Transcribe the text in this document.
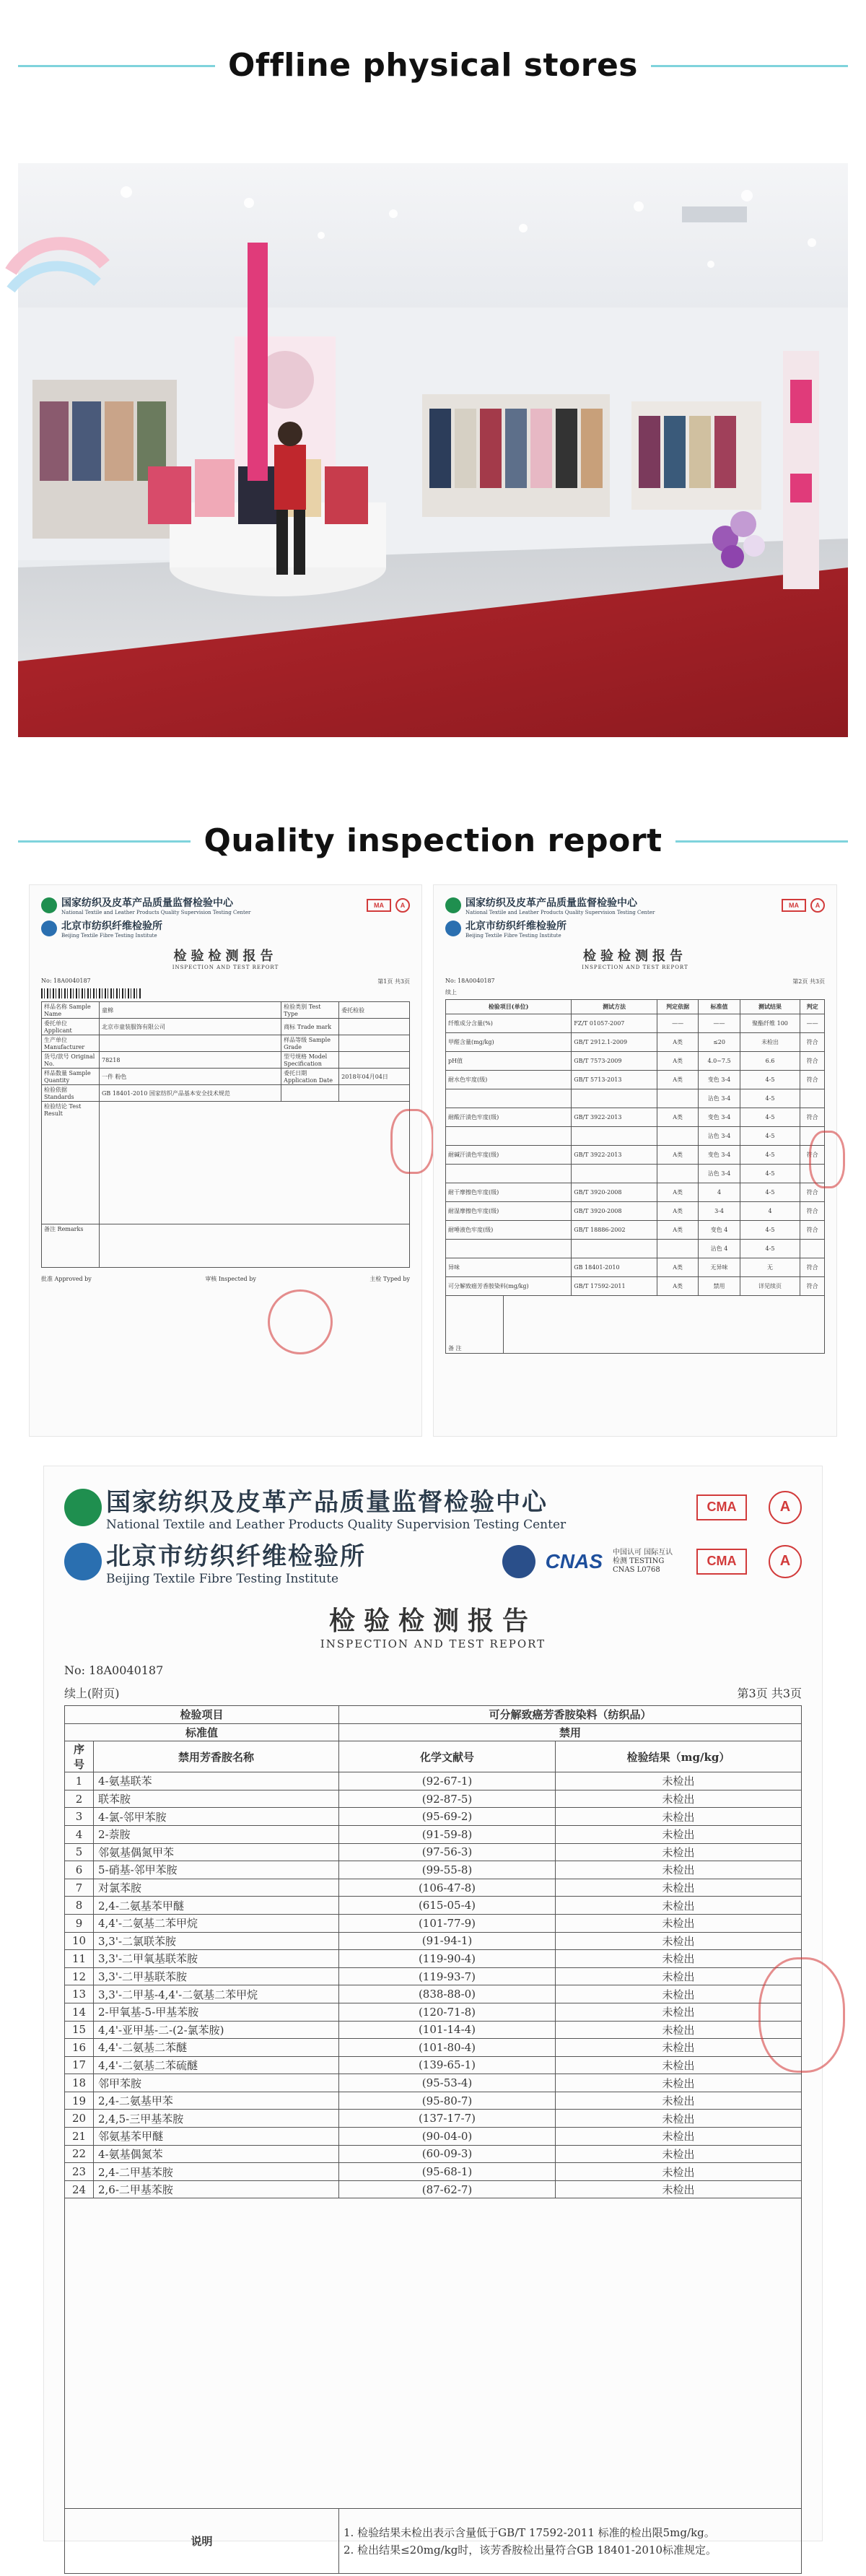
Offline physical stores
Quality inspection report
国家纺织及皮革产品质量监督检验中心
National Textile and Leather Products Quality Supervision Testing Center
MA	A
北京市纺织纤维检验所
Beijing Textile Fibre Testing Institute
检验检测报告
INSPECTION AND TEST REPORT
No: 18A0040187	第1页 共3页
样品名称 Sample Name	童棉	检验类别 Test Type	委托检验
委托单位 Applicant	北京市童装服饰有限公司	商标 Trade mark	
生产单位 Manufacturer		样品等级 Sample Grade	
货号/款号 Original No.	78218	型号规格 Model Specification	
样品数量 Sample Quantity	一件 粉色	委托日期 Application Date	2018年04月04日
检验依据 Standards	GB 18401-2010 国家纺织产品基本安全技术规范		
检验结论 Test Result	
备注 Remarks	
批准 Approved by	审核 Inspected by	主检 Typed by
国家纺织及皮革产品质量监督检验中心
National Textile and Leather Products Quality Supervision Testing Center
MA	A
北京市纺织纤维检验所
Beijing Textile Fibre Testing Institute
检验检测报告
INSPECTION AND TEST REPORT
No: 18A0040187	第2页 共3页
续上
检验项目(单位)	测试方法	判定依据	标准值	测试结果	判定
纤维成分含量(%)	FZ/T 01057-2007	——	——	聚酯纤维 100	——
甲醛含量(mg/kg)	GB/T 2912.1-2009	A类	≤20	未检出	符合
pH值	GB/T 7573-2009	A类	4.0~7.5	6.6	符合
耐水色牢度(级)	GB/T 5713-2013	A类	变色 3-4	4-5	符合
			沾色 3-4	4-5	
耐酸汗渍色牢度(级)	GB/T 3922-2013	A类	变色 3-4	4-5	符合
			沾色 3-4	4-5	
耐碱汗渍色牢度(级)	GB/T 3922-2013	A类	变色 3-4	4-5	符合
			沾色 3-4	4-5	
耐干摩擦色牢度(级)	GB/T 3920-2008	A类	4	4-5	符合
耐湿摩擦色牢度(级)	GB/T 3920-2008	A类	3-4	4	符合
耐唾液色牢度(级)	GB/T 18886-2002	A类	变色 4	4-5	符合
			沾色 4	4-5	
异味	GB 18401-2010	A类	无异味	无	符合
可分解致癌芳香胺染料(mg/kg)	GB/T 17592-2011	A类	禁用	详见续页	符合
备 注	
国家纺织及皮革产品质量监督检验中心
National Textile and Leather Products Quality Supervision Testing Center
CMA	A
北京市纺织纤维检验所
Beijing Textile Fibre Testing Institute
CNAS 中国认可 国际互认 检测 TESTING CNAS L0768
CMA	A
检验检测报告
INSPECTION AND TEST REPORT
No: 18A0040187
续上(附页)	第3页 共3页
检验项目		可分解致癌芳香胺染料（纺织品）	
标准值		禁用	
序号	禁用芳香胺名称	化学文献号	检验结果（mg/kg）
1	4-氨基联苯	(92-67-1)	未检出
2	联苯胺	(92-87-5)	未检出
3	4-氯-邻甲苯胺	(95-69-2)	未检出
4	2-萘胺	(91-59-8)	未检出
5	邻氨基偶氮甲苯	(97-56-3)	未检出
6	5-硝基-邻甲苯胺	(99-55-8)	未检出
7	对氯苯胺	(106-47-8)	未检出
8	2,4-二氨基苯甲醚	(615-05-4)	未检出
9	4,4'-二氨基二苯甲烷	(101-77-9)	未检出
10	3,3'-二氯联苯胺	(91-94-1)	未检出
11	3,3'-二甲氧基联苯胺	(119-90-4)	未检出
12	3,3'-二甲基联苯胺	(119-93-7)	未检出
13	3,3'-二甲基-4,4'-二氨基二苯甲烷	(838-88-0)	未检出
14	2-甲氧基-5-甲基苯胺	(120-71-8)	未检出
15	4,4'-亚甲基-二-(2-氯苯胺)	(101-14-4)	未检出
16	4,4'-二氨基二苯醚	(101-80-4)	未检出
17	4,4'-二氨基二苯硫醚	(139-65-1)	未检出
18	邻甲苯胺	(95-53-4)	未检出
19	2,4-二氨基甲苯	(95-80-7)	未检出
20	2,4,5-三甲基苯胺	(137-17-7)	未检出
21	邻氨基苯甲醚	(90-04-0)	未检出
22	4-氨基偶氮苯	(60-09-3)	未检出
23	2,4-二甲基苯胺	(95-68-1)	未检出
24	2,6-二甲基苯胺	(87-62-7)	未检出

说明		1. 检验结果未检出表示含量低于GB/T 17592-2011 标准的检出限5mg/kg。
2. 检出结果≤20mg/kg时，该芳香胺检出量符合GB 18401-2010标准规定。	
